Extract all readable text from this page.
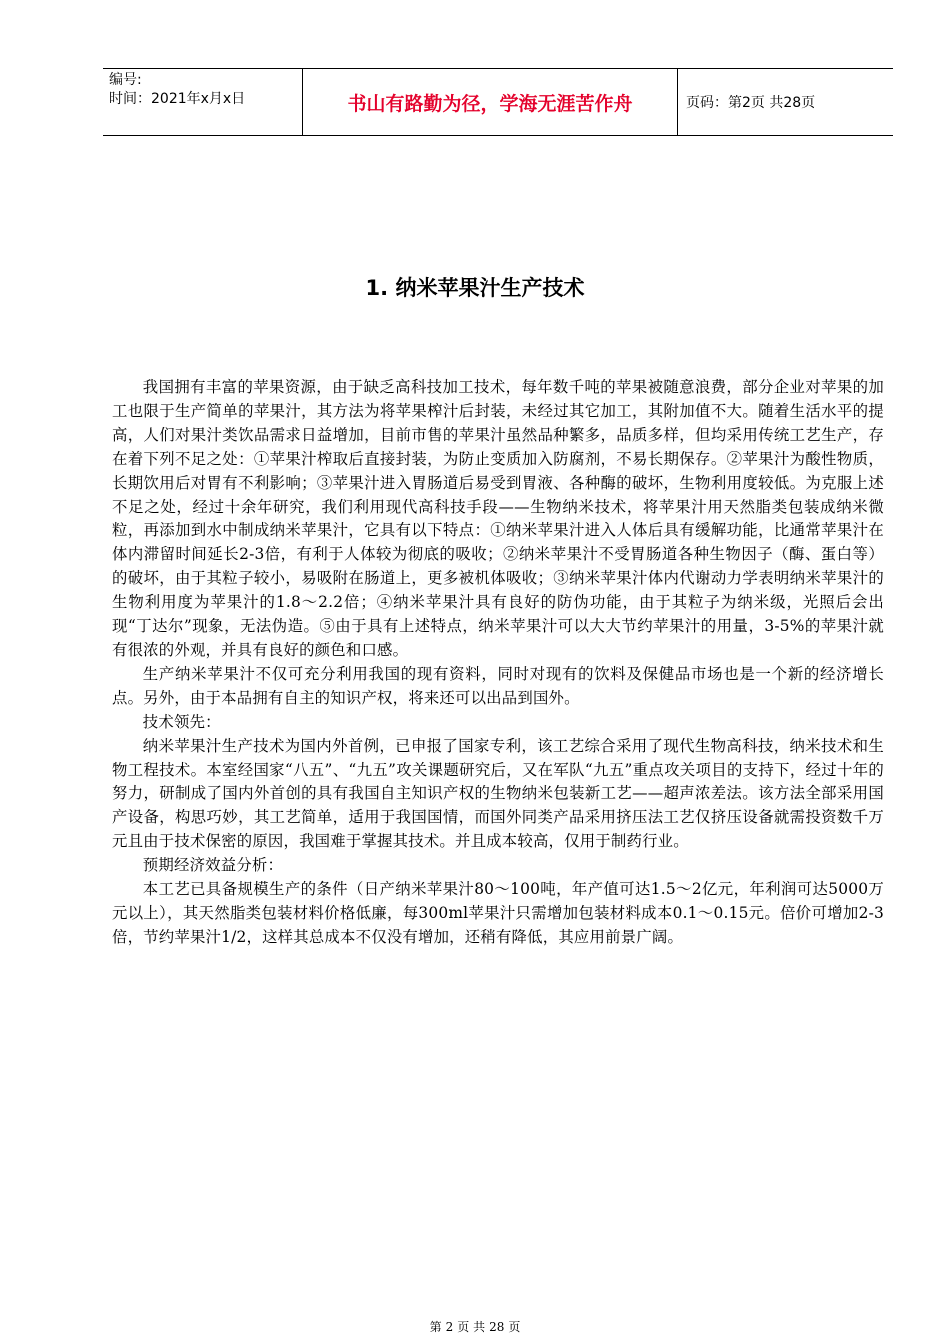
编号:
时间：2021年x月x日	书山有路勤为径，学海无涯苦作舟	页码：第2页 共28页
1. 纳米苹果汁生产技术

我国拥有丰富的苹果资源，由于缺乏高科技加工技术，每年数千吨的苹果被随意浪费，部分企业对苹果的加工也限于生产简单的苹果汁，其方法为将苹果榨汁后封装，未经过其它加工，其附加值不大。随着生活水平的提高，人们对果汁类饮品需求日益增加，目前市售的苹果汁虽然品种繁多，品质多样，但均采用传统工艺生产，存在着下列不足之处：①苹果汁榨取后直接封装，为防止变质加入防腐剂，不易长期保存。②苹果汁为酸性物质，长期饮用后对胃有不利影响；③苹果汁进入胃肠道后易受到胃液、各种酶的破坏，生物利用度较低。为克服上述不足之处，经过十余年研究，我们利用现代高科技手段——生物纳米技术，将苹果汁用天然脂类包装成纳米微粒，再添加到水中制成纳米苹果汁，它具有以下特点：①纳米苹果汁进入人体后具有缓解功能，比通常苹果汁在体内滞留时间延长2-3倍，有利于人体较为彻底的吸收；②纳米苹果汁不受胃肠道各种生物因子（酶、蛋白等）的破坏，由于其粒子较小，易吸附在肠道上，更多被机体吸收；③纳米苹果汁体内代谢动力学表明纳米苹果汁的生物利用度为苹果汁的1.8～2.2倍；④纳米苹果汁具有良好的防伪功能，由于其粒子为纳米级，光照后会出现“丁达尔”现象，无法伪造。⑤由于具有上述特点，纳米苹果汁可以大大节约苹果汁的用量，3-5%的苹果汁就有很浓的外观，并具有良好的颜色和口感。

生产纳米苹果汁不仅可充分利用我国的现有资料，同时对现有的饮料及保健品市场也是一个新的经济增长点。另外，由于本品拥有自主的知识产权，将来还可以出品到国外。

技术领先：

纳米苹果汁生产技术为国内外首例，已申报了国家专利，该工艺综合采用了现代生物高科技，纳米技术和生物工程技术。本室经国家“八五”、“九五”攻关课题研究后，又在军队“九五”重点攻关项目的支持下，经过十年的努力，研制成了国内外首创的具有我国自主知识产权的生物纳米包装新工艺——超声浓差法。该方法全部采用国产设备，构思巧妙，其工艺简单，适用于我国国情，而国外同类产品采用挤压法工艺仅挤压设备就需投资数千万元且由于技术保密的原因，我国难于掌握其技术。并且成本较高，仅用于制药行业。

预期经济效益分析：

本工艺已具备规模生产的条件（日产纳米苹果汁80～100吨，年产值可达1.5～2亿元，年利润可达5000万元以上），其天然脂类包装材料价格低廉，每300ml苹果汁只需增加包装材料成本0.1～0.15元。倍价可增加2-3倍，节约苹果汁1/2，这样其总成本不仅没有增加，还稍有降低，其应用前景广阔。

第 2 页 共 28 页
